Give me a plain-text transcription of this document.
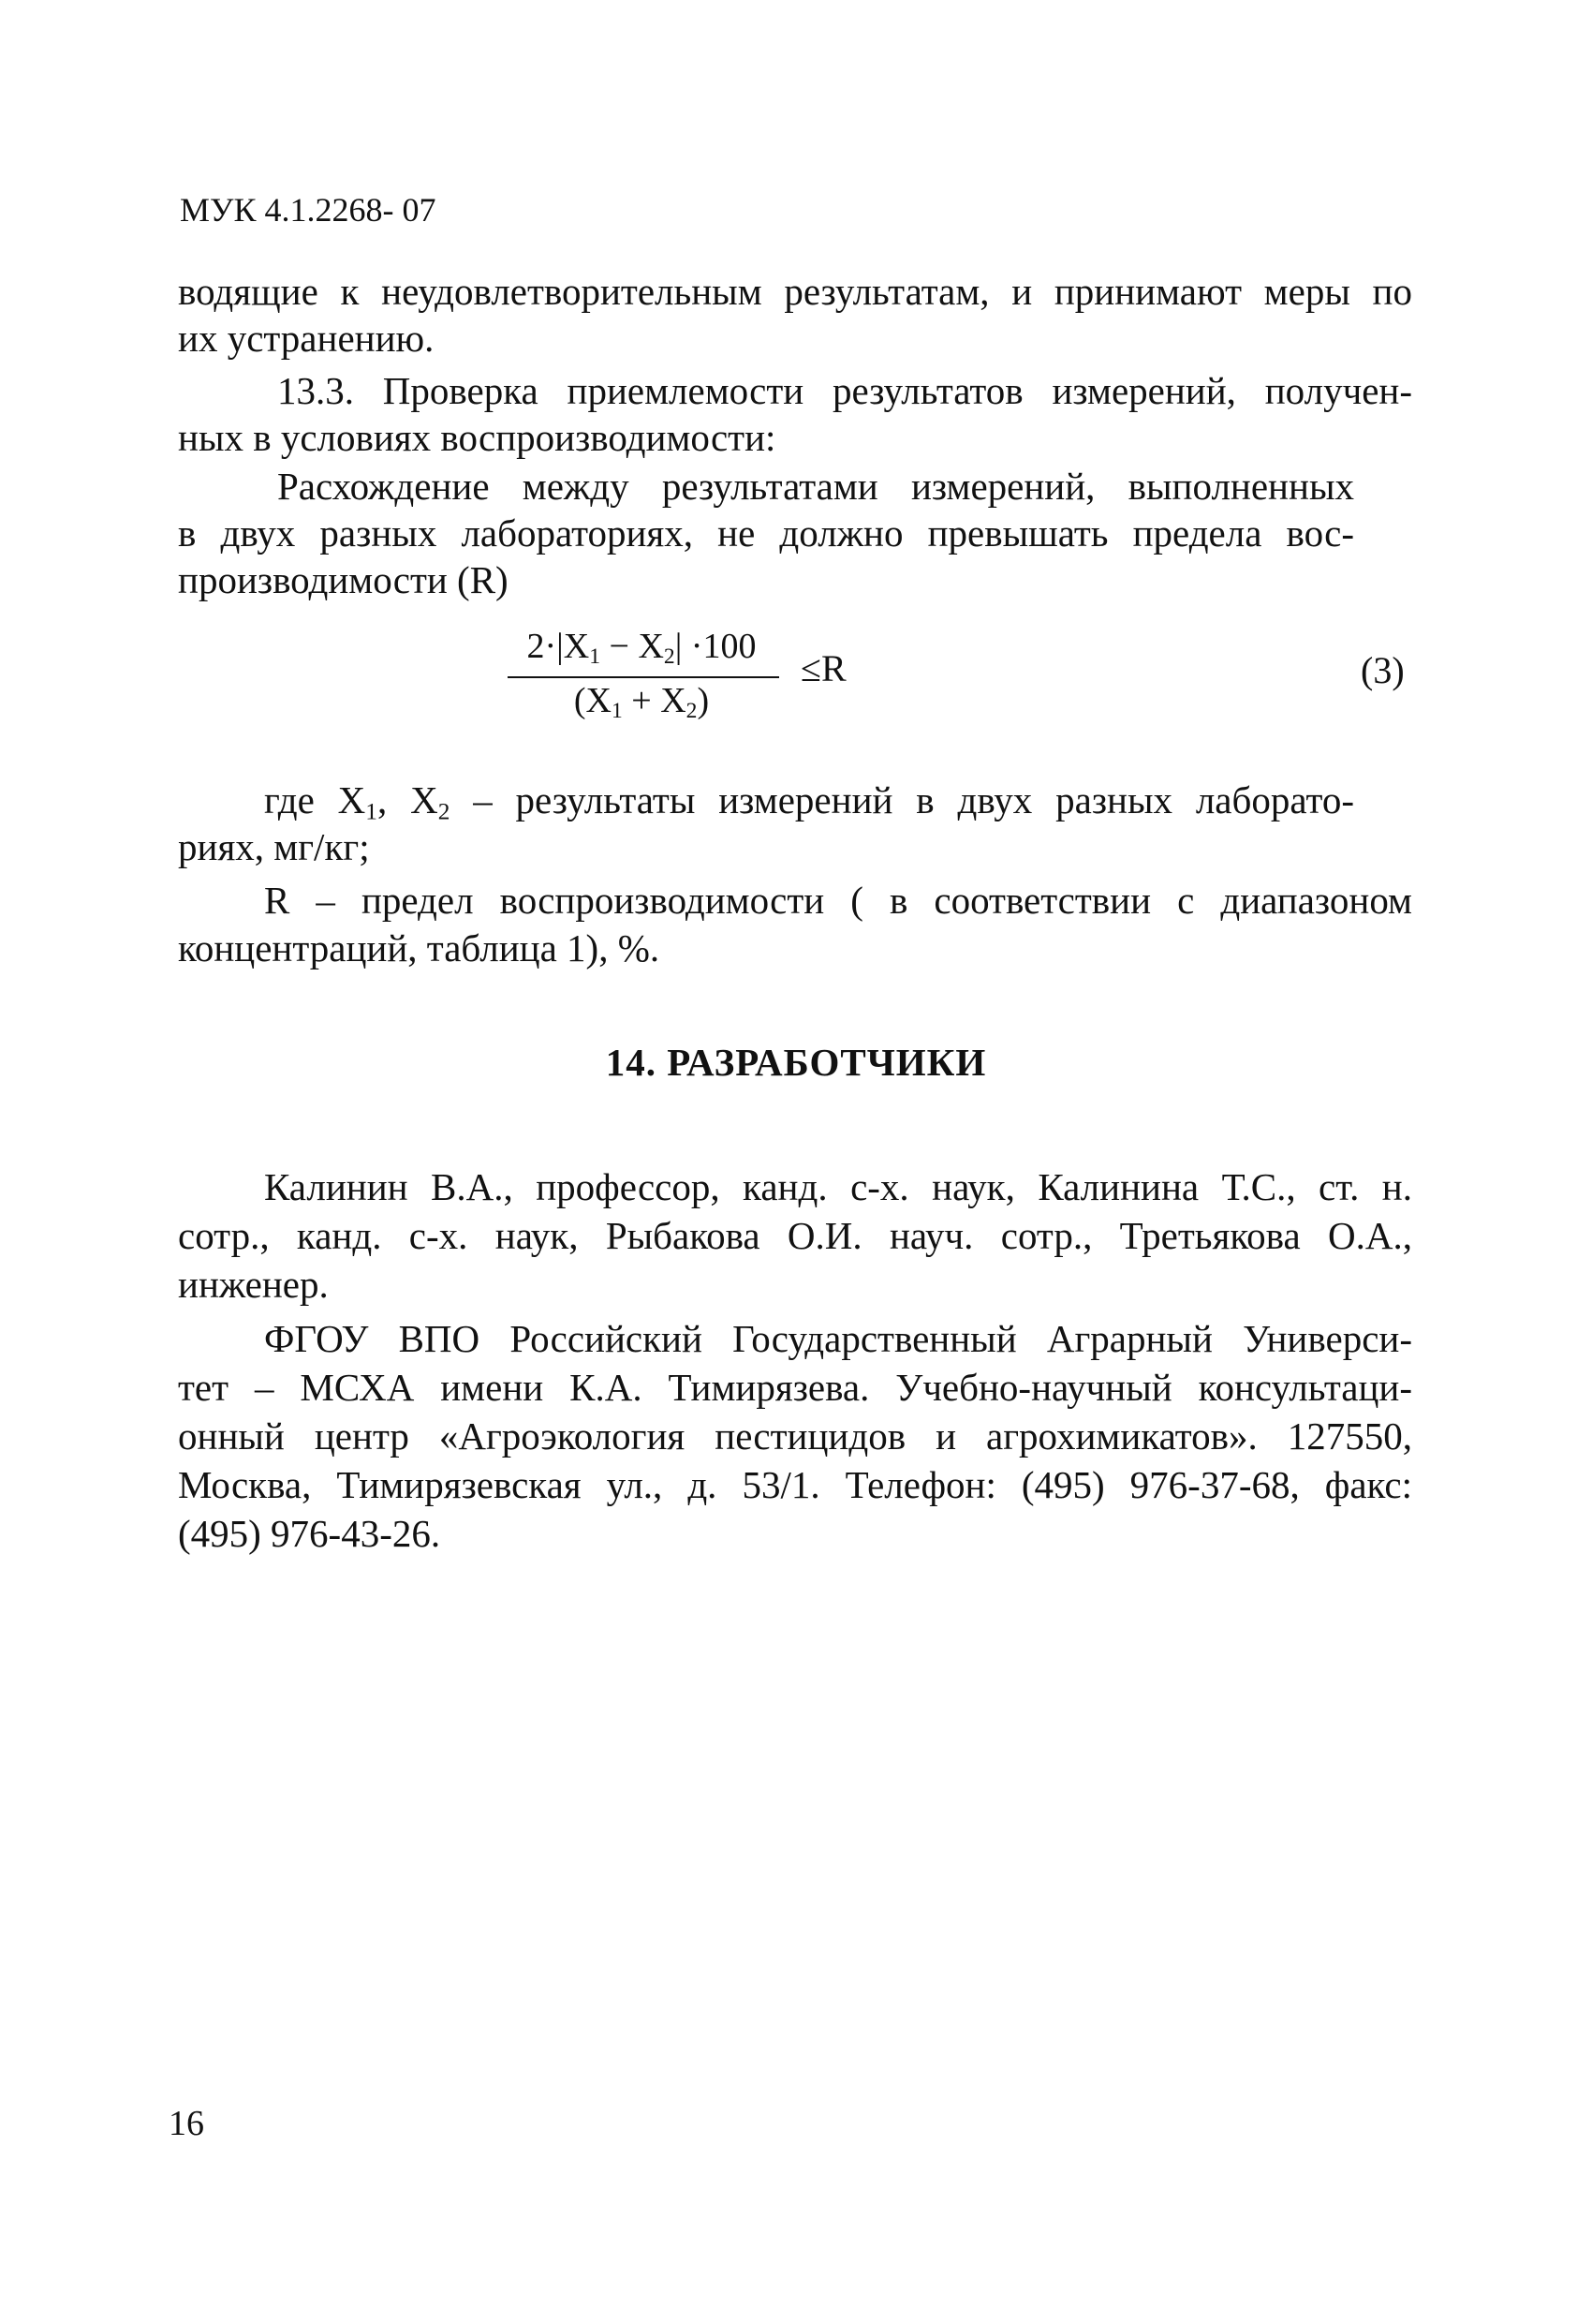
МУК 4.1.2268- 07
водящие к неудовлетворительным результатам, и принимают меры по
их устранению.
13.3. Проверка приемлемости результатов измерений, получен-
ных в условиях воспроизводимости:
Расхождение между результатами измерений, выполненных
в двух разных лабораториях, не должно превышать предела вос-
производимости (R)
$2\cdot|X_1 - X_2| \cdot 100$
$(X_1 + X_2)$
≤R	(3)
где $X_1$, $X_2$ – результаты измерений в двух разных лаборато-
риях, мг/кг;
R – предел воспроизводимости ( в соответствии с диапазоном
концентраций, таблица 1), %.
14. РАЗРАБОТЧИКИ
Калинин В.А., профессор, канд. с-х. наук, Калинина Т.С., ст. н.
сотр., канд. с-х. наук, Рыбакова О.И. науч. сотр., Третьякова О.А.,
инженер.
ФГОУ ВПО Российский Государственный Аграрный Универси-
тет – МСХА имени К.А. Тимирязева. Учебно-научный консультаци-
онный центр «Агроэкология пестицидов и агрохимикатов». 127550,
Москва, Тимирязевская ул., д. 53/1. Телефон: (495) 976-37-68, факс:
(495) 976-43-26.
16
